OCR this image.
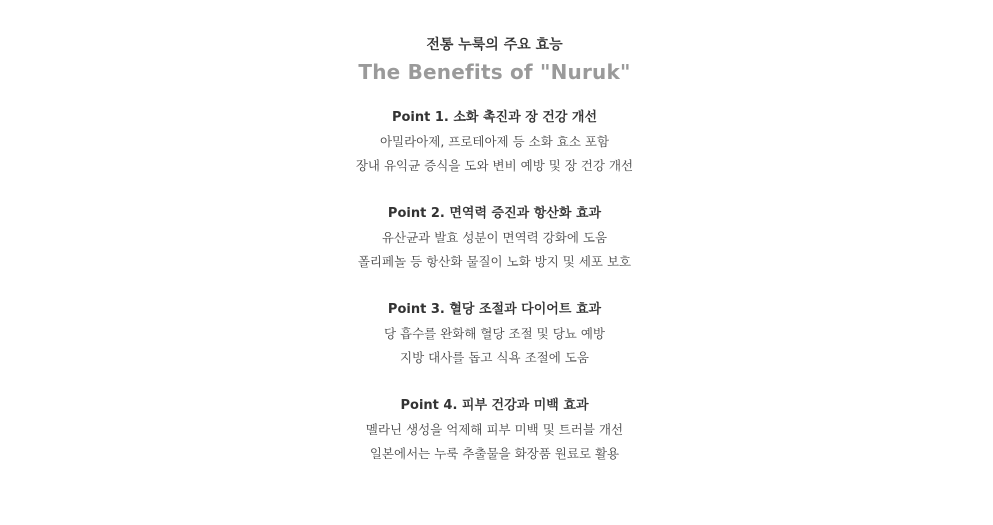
전통 누룩의 주요 효능
The Benefits of "Nuruk"
Point 1. 소화 촉진과 장 건강 개선
아밀라아제, 프로테아제 등 소화 효소 포함
장내 유익균 증식을 도와 변비 예방 및 장 건강 개선
Point 2. 면역력 증진과 항산화 효과
유산균과 발효 성분이 면역력 강화에 도움
폴리페놀 등 항산화 물질이 노화 방지 및 세포 보호
Point 3. 혈당 조절과 다이어트 효과
당 흡수를 완화해 혈당 조절 및 당뇨 예방
지방 대사를 돕고 식욕 조절에 도움
Point 4. 피부 건강과 미백 효과
멜라닌 생성을 억제해 피부 미백 및 트러블 개선
일본에서는 누룩 추출물을 화장품 원료로 활용
